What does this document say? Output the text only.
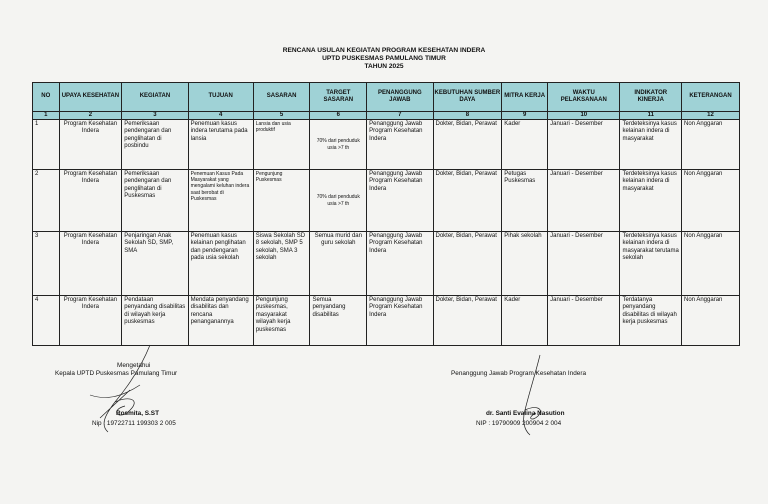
RENCANA USULAN KEGIATAN PROGRAM KESEHATAN INDERA
UPTD PUSKESMAS PAMULANG TIMUR
TAHUN 2025
NO	UPAYA KESEHATAN	KEGIATAN	TUJUAN	SASARAN	TARGET SASARAN	PENANGGUNG JAWAB	KEBUTUHAN SUMBER DAYA	MITRA KERJA	WAKTU PELAKSANAAN	INDIKATOR KINERJA	KETERANGAN
1	2	3	4	5	6	7	8	9	10	11	12
1	Program Kesehatan Indera	Pemeriksaan pendengaran dan penglihatan di posbindu	Penemuan kasus indera terutama pada lansia	Lansia dan usia produktif	70% dari penduduk usia >7 th	Penanggung Jawab Program Kesehatan Indera	Dokter, Bidan, Perawat	Kader	Januari - Desember	Terdeteksinya kasus kelainan indera di masyarakat	Non Anggaran
2	Program Kesehatan Indera	Pemeriksaan pendengaran dan penglihatan di Puskesmas	Penemuan Kasus Pada Masyarakat yang mengalami keluhan indera saat berobat di Puskesmas	Pengunjung Puskesmas	70% dari penduduk usia >7 th	Penanggung Jawab Program Kesehatan Indera	Dokter, Bidan, Perawat	Petugas Puskesmas	Januari - Desember	Terdeteksinya kasus kelainan indera di masyarakat	Non Anggaran
3	Program Kesehatan Indera	Penjaringan Anak Sekolah SD, SMP, SMA	Penemuan kasus kelainan penglihatan dan pendengaran pada usia sekolah	Siswa Sekolah SD 8 sekolah, SMP 5 sekolah, SMA 3 sekolah	Semua murid dan guru sekolah	Penanggung Jawab Program Kesehatan Indera	Dokter, Bidan, Perawat	Pihak sekolah	Januari - Desember	Terdeteksinya kasus kelainan indera di masyarakat terutama sekolah	Non Anggaran
4	Program Kesehatan Indera	Pendataan penyandang disabilitas di wilayah kerja puskesmas	Mendata penyandang disabilitas dan rencana penanganannya	Pengunjung puskesmas, masyarakat wilayah kerja puskesmas	Semua penyandang disabilitas	Penanggung Jawab Program Kesehatan Indera	Dokter, Bidan, Perawat	Kader	Januari - Desember	Terdatanya penyandang disabilitas di wilayah kerja puskesmas	Non Anggaran
Mengetahui
Kepala UPTD Puskesmas Pamulang Timur
Rosmita, S.ST
Nip : 19722711 199303 2 005
Penanggung Jawab Program Kesehatan Indera
dr. Santi Evalina Nasution
NIP : 19790909 200904 2 004
